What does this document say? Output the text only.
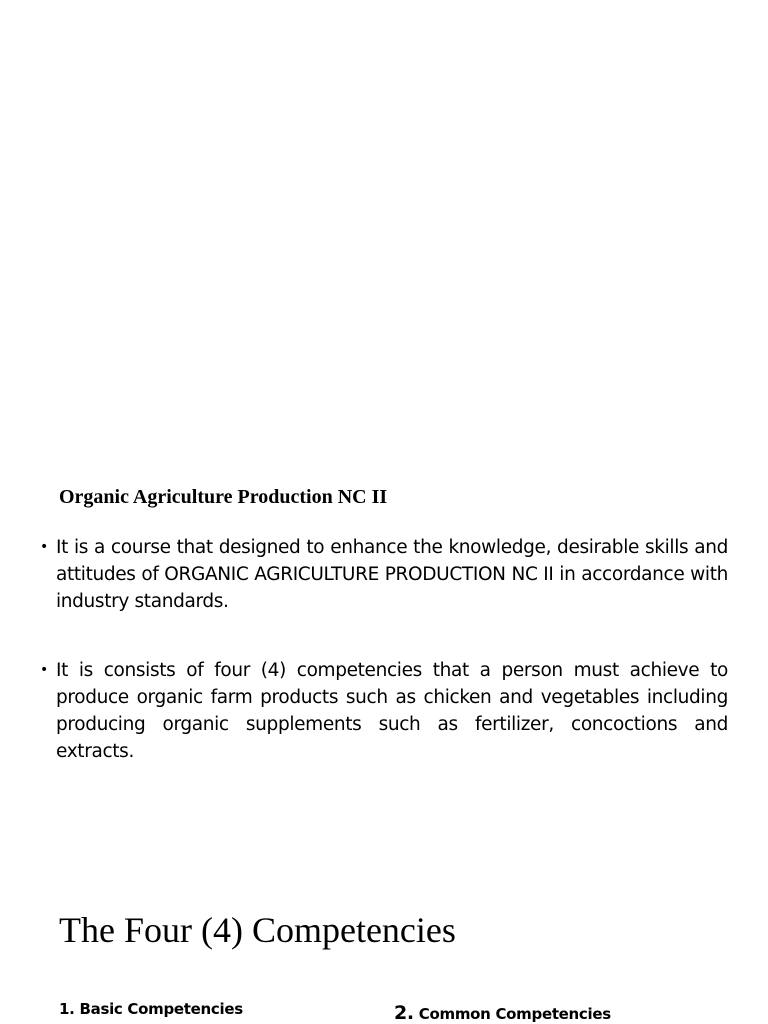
Organic Agriculture Production NC II
• It is a course that designed to enhance the knowledge, desirable skills and attitudes of ORGANIC AGRICULTURE PRODUCTION NC II in accordance with industry standards.
• It is consists of four (4) competencies that a person must achieve to produce organic farm products such as chicken and vegetables including producing organic supplements such as fertilizer, concoctions and extracts.
The Four (4) Competencies
1. Basic Competencies	2. Common Competencies
